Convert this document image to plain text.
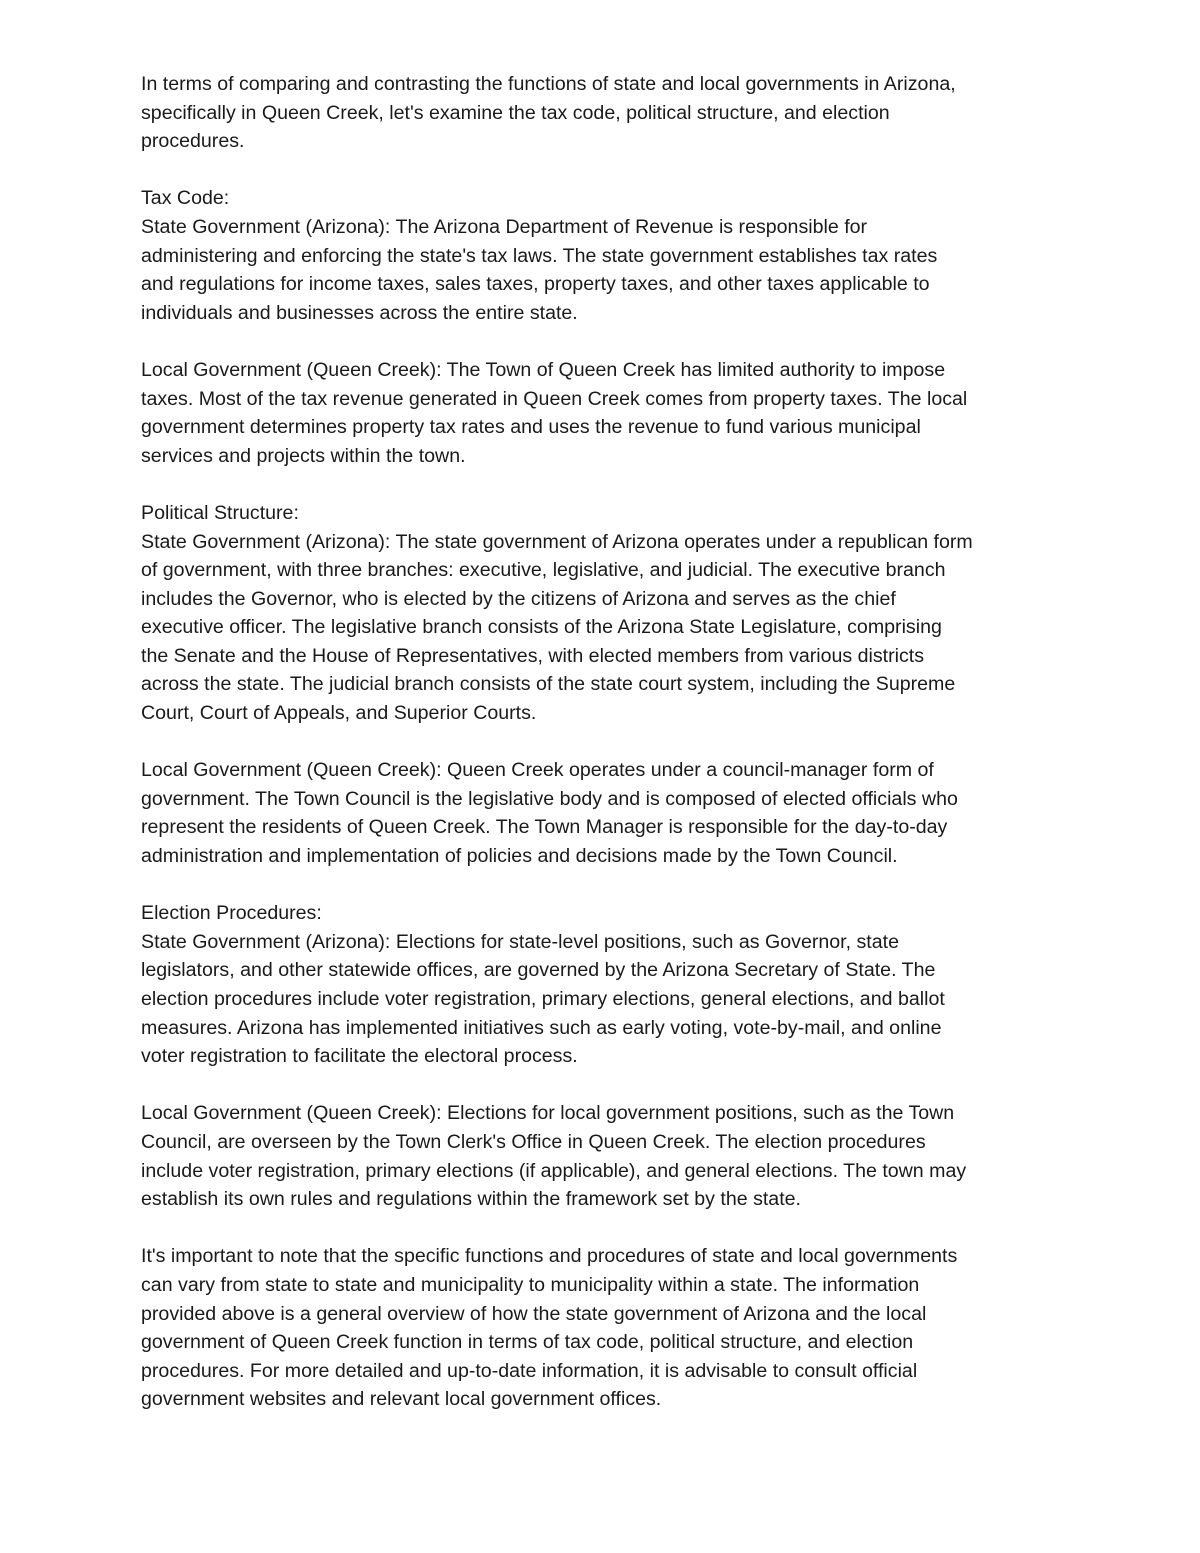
In terms of comparing and contrasting the functions of state and local governments in Arizona,
specifically in Queen Creek, let's examine the tax code, political structure, and election
procedures.

Tax Code:
State Government (Arizona): The Arizona Department of Revenue is responsible for
administering and enforcing the state's tax laws. The state government establishes tax rates
and regulations for income taxes, sales taxes, property taxes, and other taxes applicable to
individuals and businesses across the entire state.

Local Government (Queen Creek): The Town of Queen Creek has limited authority to impose
taxes. Most of the tax revenue generated in Queen Creek comes from property taxes. The local
government determines property tax rates and uses the revenue to fund various municipal
services and projects within the town.

Political Structure:
State Government (Arizona): The state government of Arizona operates under a republican form
of government, with three branches: executive, legislative, and judicial. The executive branch
includes the Governor, who is elected by the citizens of Arizona and serves as the chief
executive officer. The legislative branch consists of the Arizona State Legislature, comprising
the Senate and the House of Representatives, with elected members from various districts
across the state. The judicial branch consists of the state court system, including the Supreme
Court, Court of Appeals, and Superior Courts.

Local Government (Queen Creek): Queen Creek operates under a council-manager form of
government. The Town Council is the legislative body and is composed of elected officials who
represent the residents of Queen Creek. The Town Manager is responsible for the day-to-day
administration and implementation of policies and decisions made by the Town Council.

Election Procedures:
State Government (Arizona): Elections for state-level positions, such as Governor, state
legislators, and other statewide offices, are governed by the Arizona Secretary of State. The
election procedures include voter registration, primary elections, general elections, and ballot
measures. Arizona has implemented initiatives such as early voting, vote-by-mail, and online
voter registration to facilitate the electoral process.

Local Government (Queen Creek): Elections for local government positions, such as the Town
Council, are overseen by the Town Clerk's Office in Queen Creek. The election procedures
include voter registration, primary elections (if applicable), and general elections. The town may
establish its own rules and regulations within the framework set by the state.

It's important to note that the specific functions and procedures of state and local governments
can vary from state to state and municipality to municipality within a state. The information
provided above is a general overview of how the state government of Arizona and the local
government of Queen Creek function in terms of tax code, political structure, and election
procedures. For more detailed and up-to-date information, it is advisable to consult official
government websites and relevant local government offices.
